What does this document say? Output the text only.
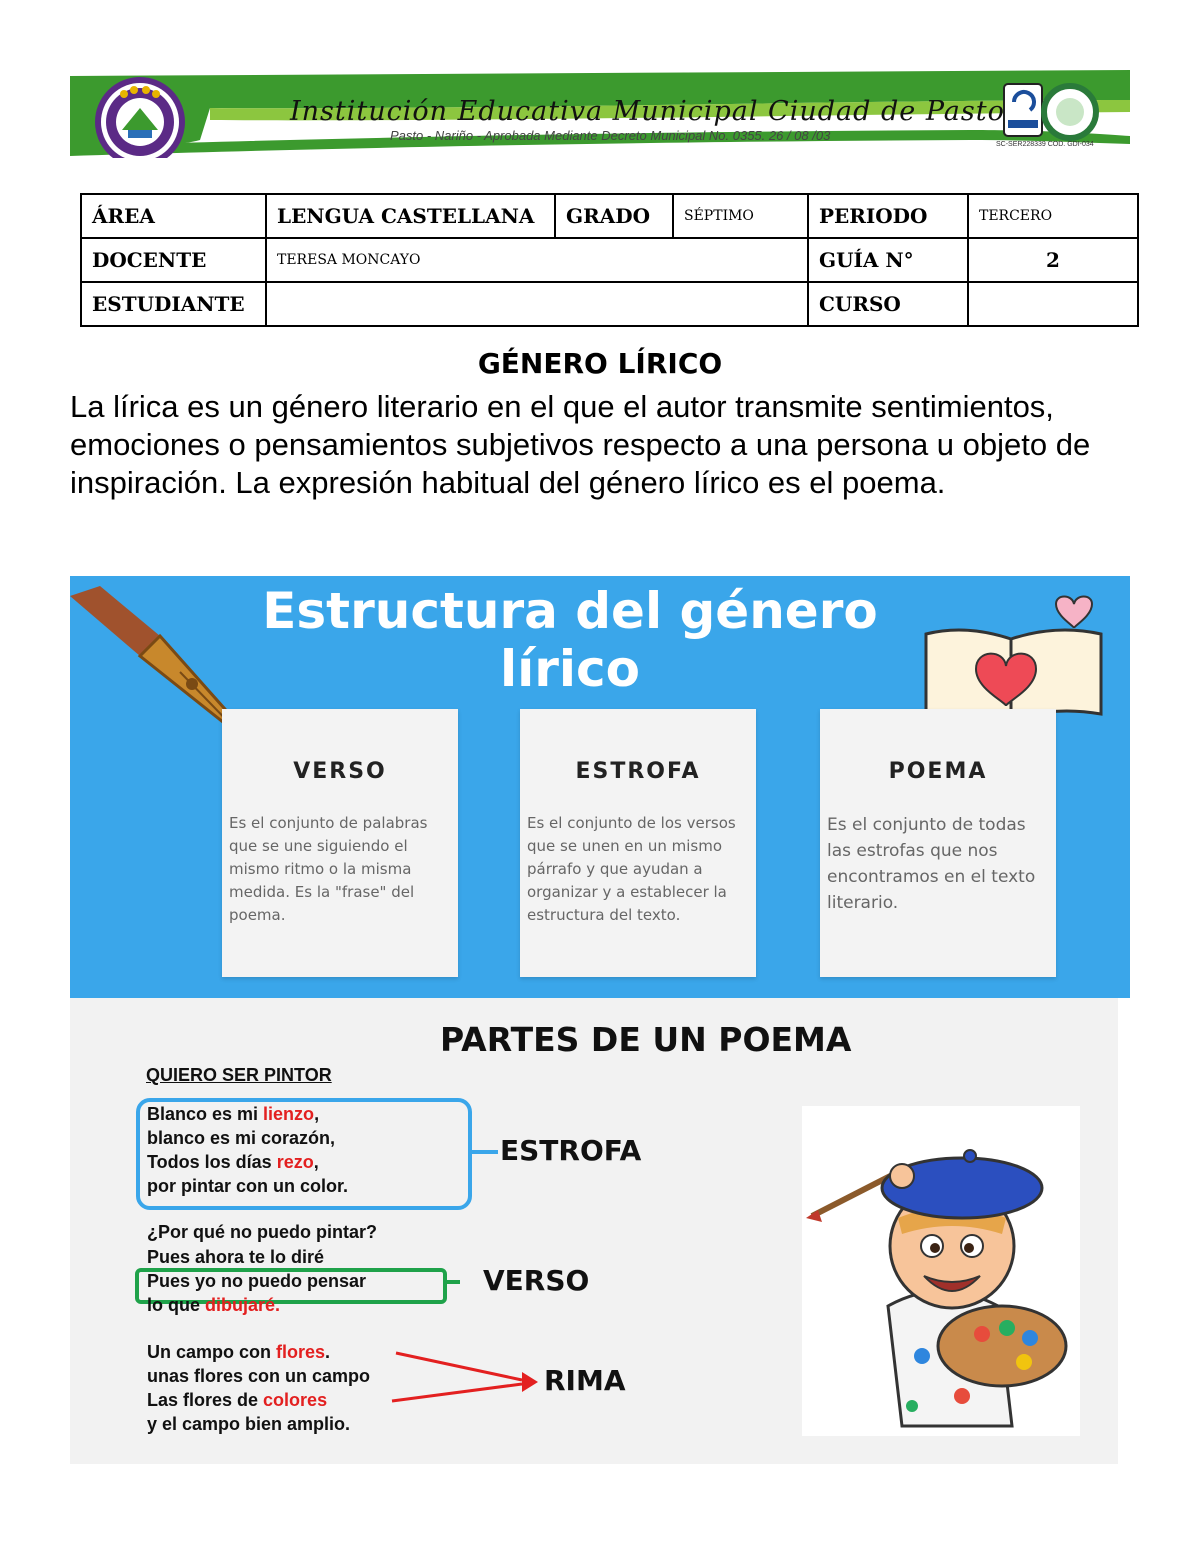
Institución Educativa Municipal Ciudad de Pasto
Pasto - Nariño - Aprobada Mediante Decreto Municipal No. 0355. 26 / 08 /03
SC-SER228339 COD. GDI-034
ÁREA	LENGUA CASTELLANA	GRADO	SÉPTIMO	PERIODO	TERCERO
DOCENTE	TERESA MONCAYO			GUÍA N°	2
ESTUDIANTE				CURSO	
GÉNERO LÍRICO
La lírica es un género literario en el que el autor transmite sentimientos, emociones o pensamientos subjetivos respecto a una persona u objeto de inspiración. La expresión habitual del género lírico es el poema.
Estructura del género
lírico
VERSO
Es el conjunto de palabras que se une siguiendo el mismo ritmo o la misma medida. Es la "frase" del poema.
ESTROFA
Es el conjunto de los versos que se unen en un mismo párrafo y que ayudan a organizar y a establecer la estructura del texto.
POEMA
Es el conjunto de todas las estrofas que nos encontramos en el texto literario.
PARTES DE UN POEMA
QUIERO SER PINTOR
Blanco es mi lienzo,
blanco es mi corazón,
Todos los días rezo,
por pintar con un color.
¿Por qué no puedo pintar?
Pues ahora te lo diré
Pues yo no puedo pensar
lo que dibujaré.
Un campo con flores.
unas flores con un campo
Las flores de colores
y el campo bien amplio.
ESTROFA
VERSO
RIMA
